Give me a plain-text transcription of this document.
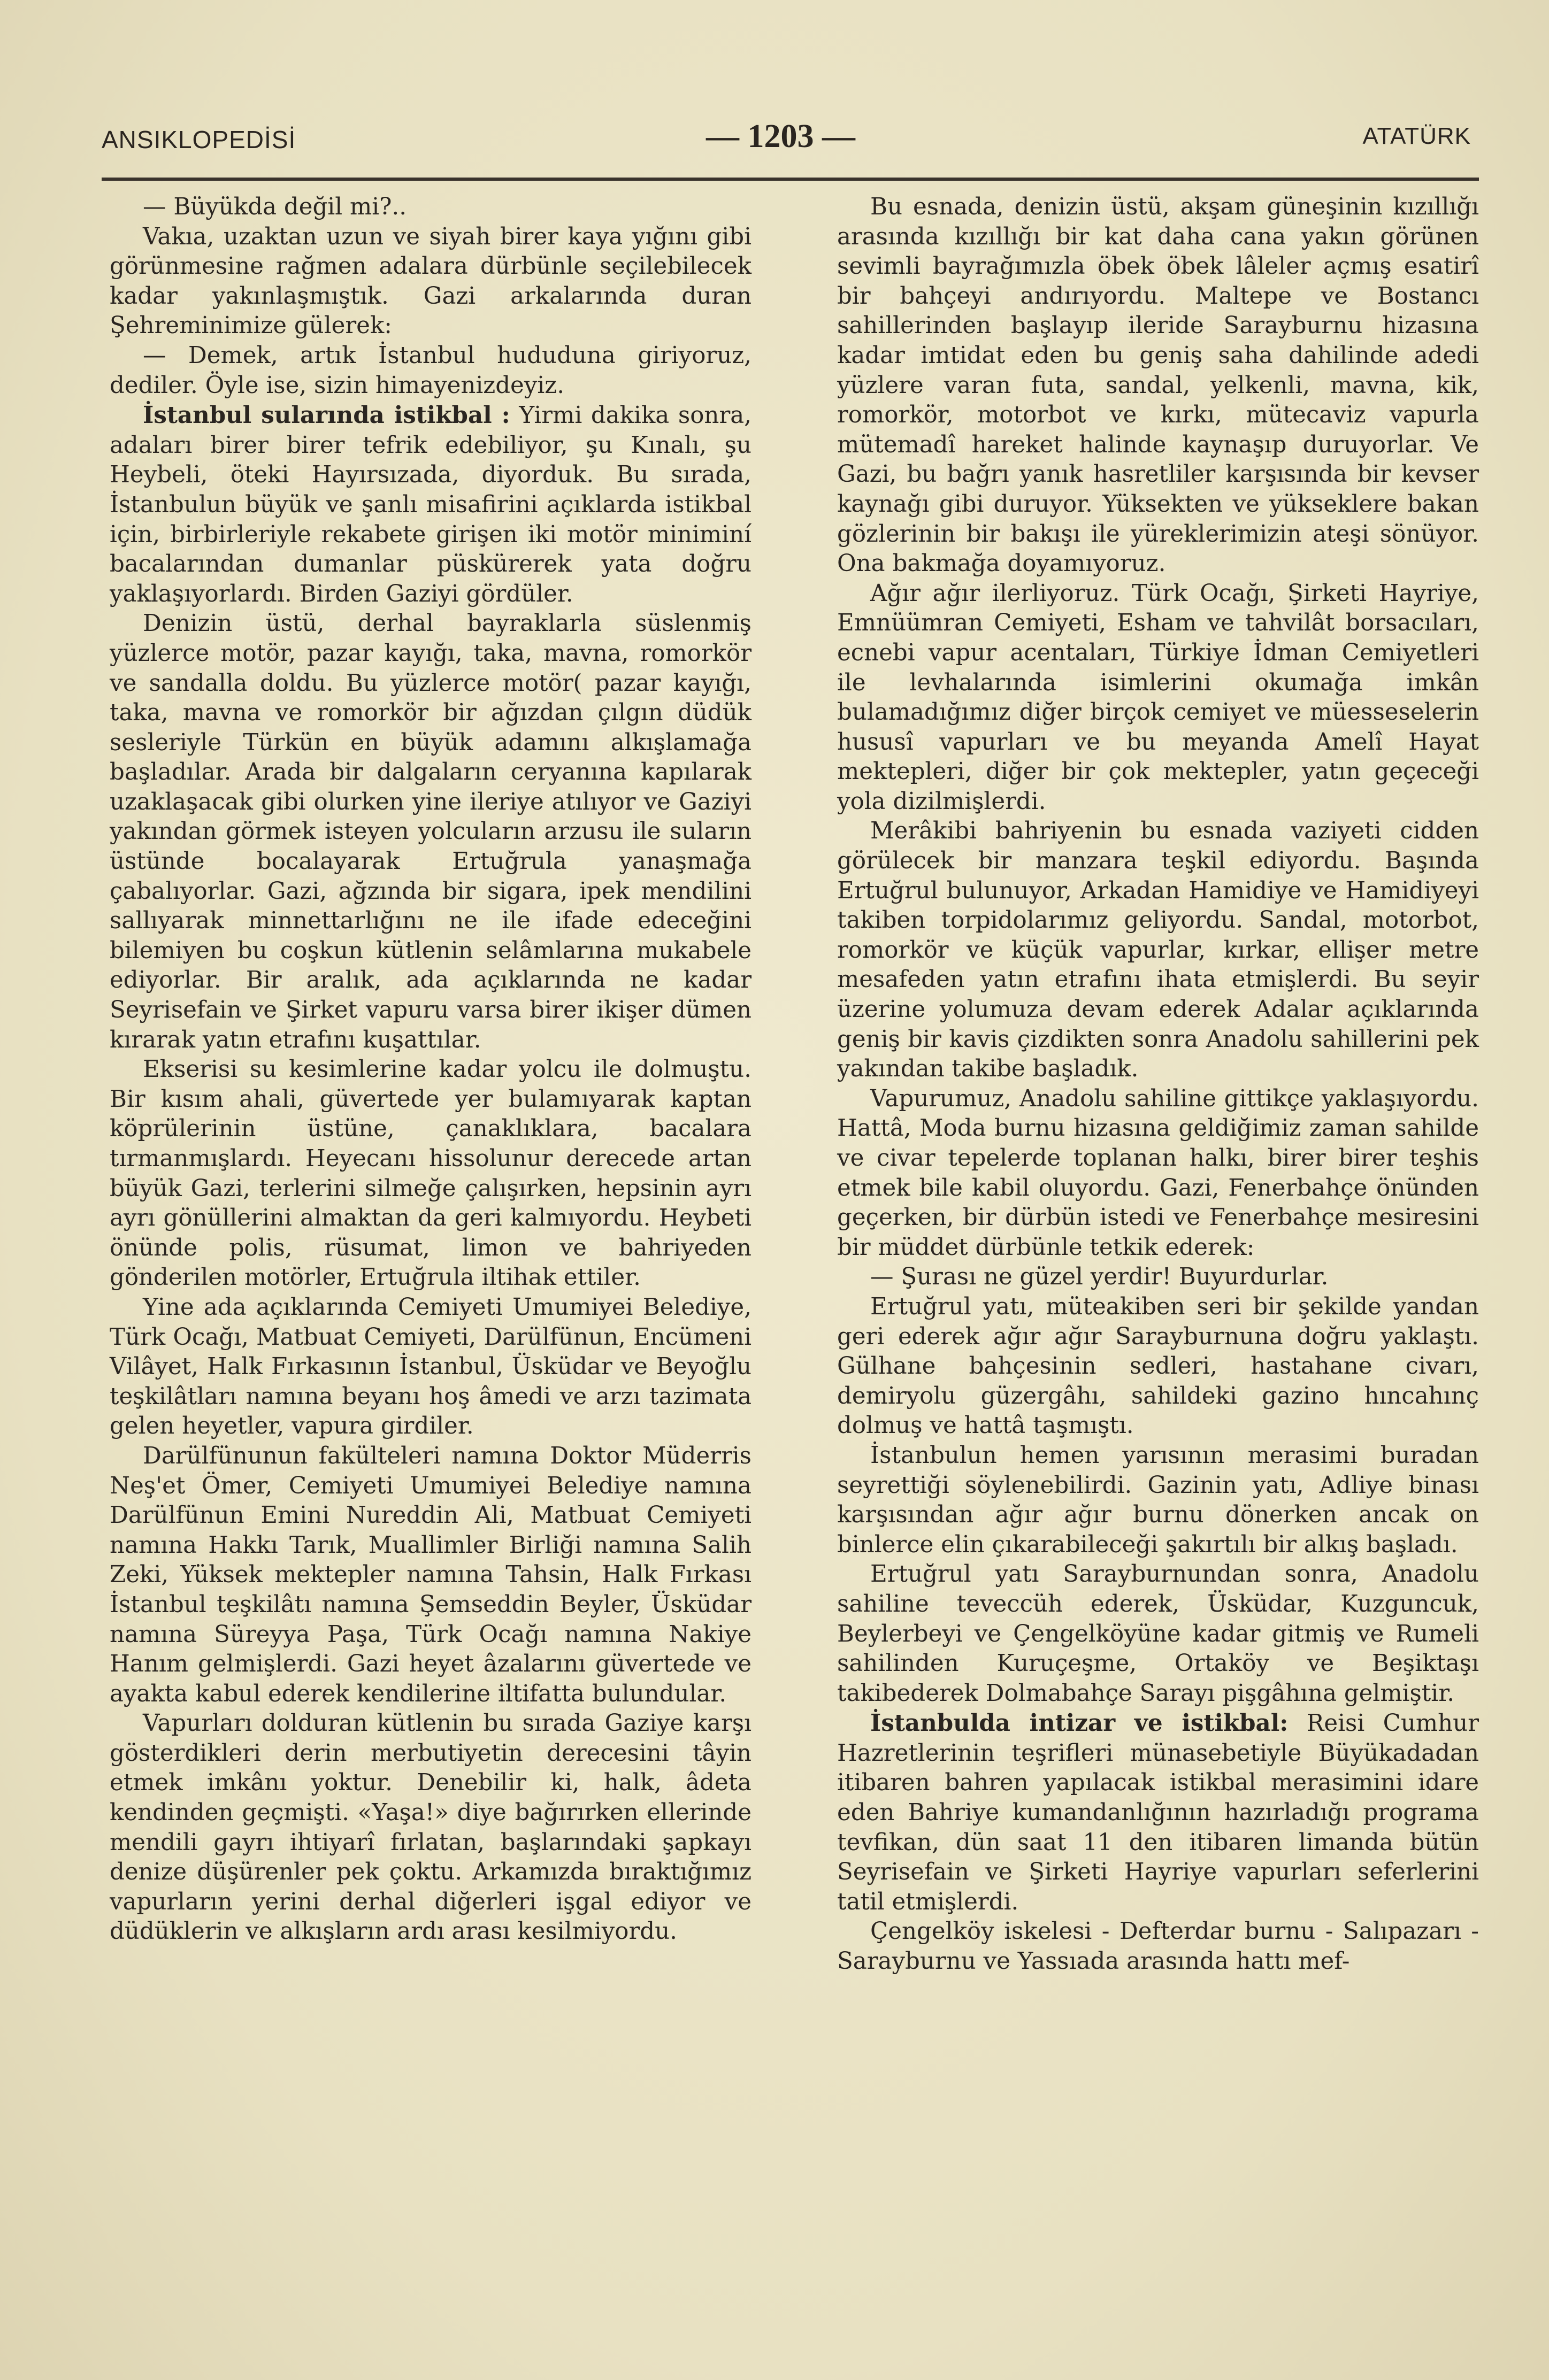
ANSIKLOPEDİSİ	— 1203 —	ATATÜRK

— Büyükda değil mi?..

Vakıa, uzaktan uzun ve siyah birer kaya yığını gibi görünmesine rağmen adalara dürbünle seçilebilecek kadar yakınlaşmıştık. Gazi arkalarında duran Şehreminimize gülerek:

— Demek, artık İstanbul hududuna giriyoruz, dediler. Öyle ise, sizin himayenizdeyiz.

İstanbul sularında istikbal : Yirmi dakika sonra, adaları birer birer tefrik edebiliyor, şu Kınalı, şu Heybeli, öteki Hayırsızada, diyorduk. Bu sırada, İstanbulun büyük ve şanlı misafirini açıklarda istikbal için, birbirleriyle rekabete girişen iki motör miniminí bacalarından dumanlar püskürerek yata doğru yaklaşıyorlardı. Birden Gaziyi gördüler.

Denizin üstü, derhal bayraklarla süslenmiş yüzlerce motör, pazar kayığı, taka, mavna, romorkör ve sandalla doldu. Bu yüzlerce motör( pazar kayığı, taka, mavna ve romorkör bir ağızdan çılgın düdük sesleriyle Türkün en büyük adamını alkışlamağa başladılar. Arada bir dalgaların ceryanına kapılarak uzaklaşacak gibi olurken yine ileriye atılıyor ve Gaziyi yakından görmek isteyen yolcuların arzusu ile suların üstünde bocalayarak Ertuğrula yanaşmağa çabalıyorlar. Gazi, ağzında bir sigara, ipek mendilini sallıyarak minnettarlığını ne ile ifade edeceğini bilemiyen bu coşkun kütlenin selâmlarına mukabele ediyorlar. Bir aralık, ada açıklarında ne kadar Seyrisefain ve Şirket vapuru varsa birer ikişer dümen kırarak yatın etrafını kuşattılar.

Ekserisi su kesimlerine kadar yolcu ile dolmuştu. Bir kısım ahali, güvertede yer bulamıyarak kaptan köprülerinin üstüne, çanaklıklara, bacalara tırmanmışlardı. Heyecanı hissolunur derecede artan büyük Gazi, terlerini silmeğe çalışırken, hepsinin ayrı ayrı gönüllerini almaktan da geri kalmıyordu. Heybeti önünde polis, rüsumat, limon ve bahriyeden gönderilen motörler, Ertuğrula iltihak ettiler.

Yine ada açıklarında Cemiyeti Umumiyei Belediye, Türk Ocağı, Matbuat Cemiyeti, Darülfünun, Encümeni Vilâyet, Halk Fırkasının İstanbul, Üsküdar ve Beyoğlu teşkilâtları namına beyanı hoş âmedi ve arzı tazimata gelen heyetler, vapura girdiler.

Darülfünunun fakülteleri namına Doktor Müderris Neş'et Ömer, Cemiyeti Umumiyei Belediye namına Darülfünun Emini Nureddin Ali, Matbuat Cemiyeti namına Hakkı Tarık, Muallimler Birliği namına Salih Zeki, Yüksek mektepler namına Tahsin, Halk Fırkası İstanbul teşkilâtı namına Şemseddin Beyler, Üsküdar namına Süreyya Paşa, Türk Ocağı namına Nakiye Hanım gelmişlerdi. Gazi heyet âzalarını güvertede ve ayakta kabul ederek kendilerine iltifatta bulundular.

Vapurları dolduran kütlenin bu sırada Gaziye karşı gösterdikleri derin merbutiyetin derecesini tâyin etmek imkânı yoktur. Denebilir ki, halk, âdeta kendinden geçmişti. «Yaşa!» diye bağırırken ellerinde mendili gayrı ihtiyarî fırlatan, başlarındaki şapkayı denize düşürenler pek çoktu. Arkamızda bıraktığımız vapurların yerini derhal diğerleri işgal ediyor ve düdüklerin ve alkışların ardı arası kesilmiyordu.

Bu esnada, denizin üstü, akşam güneşinin kızıllığı arasında kızıllığı bir kat daha cana yakın görünen sevimli bayrağımızla öbek öbek lâleler açmış esatirî bir bahçeyi andırıyordu. Maltepe ve Bostancı sahillerinden başlayıp ileride Sarayburnu hizasına kadar imtidat eden bu geniş saha dahilinde adedi yüzlere varan futa, sandal, yelkenli, mavna, kik, romorkör, motorbot ve kırkı, mütecaviz vapurla mütemadî hareket halinde kaynaşıp duruyorlar. Ve Gazi, bu bağrı yanık hasretliler karşısında bir kevser kaynağı gibi duruyor. Yüksekten ve yükseklere bakan gözlerinin bir bakışı ile yüreklerimizin ateşi sönüyor. Ona bakmağa doyamıyoruz.

Ağır ağır ilerliyoruz. Türk Ocağı, Şirketi Hayriye, Emnüümran Cemiyeti, Esham ve tahvilât borsacıları, ecnebi vapur acentaları, Türkiye İdman Cemiyetleri ile levhalarında isimlerini okumağa imkân bulamadığımız diğer birçok cemiyet ve müesseselerin hususî vapurları ve bu meyanda Amelî Hayat mektepleri, diğer bir çok mektepler, yatın geçeceği yola dizilmişlerdi.

Merâkibi bahriyenin bu esnada vaziyeti cidden görülecek bir manzara teşkil ediyordu. Başında Ertuğrul bulunuyor, Arkadan Hamidiye ve Hamidiyeyi takiben torpidolarımız geliyordu. Sandal, motorbot, romorkör ve küçük vapurlar, kırkar, ellişer metre mesafeden yatın etrafını ihata etmişlerdi. Bu seyir üzerine yolumuza devam ederek Adalar açıklarında geniş bir kavis çizdikten sonra Anadolu sahillerini pek yakından takibe başladık.

Vapurumuz, Anadolu sahiline gittikçe yaklaşıyordu. Hattâ, Moda burnu hizasına geldiğimiz zaman sahilde ve civar tepelerde toplanan halkı, birer birer teşhis etmek bile kabil oluyordu. Gazi, Fenerbahçe önünden geçerken, bir dürbün istedi ve Fenerbahçe mesiresini bir müddet dürbünle tetkik ederek:

— Şurası ne güzel yerdir! Buyurdurlar.

Ertuğrul yatı, müteakiben seri bir şekilde yandan geri ederek ağır ağır Sarayburnuna doğru yaklaştı. Gülhane bahçesinin sedleri, hastahane civarı, demiryolu güzergâhı, sahildeki gazino hıncahınç dolmuş ve hattâ taşmıştı.

İstanbulun hemen yarısının merasimi buradan seyrettiği söylenebilirdi. Gazinin yatı, Adliye binası karşısından ağır ağır burnu dönerken ancak on binlerce elin çıkarabileceği şakırtılı bir alkış başladı.

Ertuğrul yatı Sarayburnundan sonra, Anadolu sahiline teveccüh ederek, Üsküdar, Kuzguncuk, Beylerbeyi ve Çengelköyüne kadar gitmiş ve Rumeli sahilinden Kuruçeşme, Ortaköy ve Beşiktaşı takibederek Dolmabahçe Sarayı pişgâhına gelmiştir.

İstanbulda intizar ve istikbal: Reisi Cumhur Hazretlerinin teşrifleri münasebetiyle Büyükadadan itibaren bahren yapılacak istikbal merasimini idare eden Bahriye kumandanlığının hazırladığı programa tevfikan, dün saat 11 den itibaren limanda bütün Seyrisefain ve Şirketi Hayriye vapurları seferlerini tatil etmişlerdi.

Çengelköy iskelesi - Defterdar burnu - Salıpazarı - Sarayburnu ve Yassıada arasında hattı mef-
